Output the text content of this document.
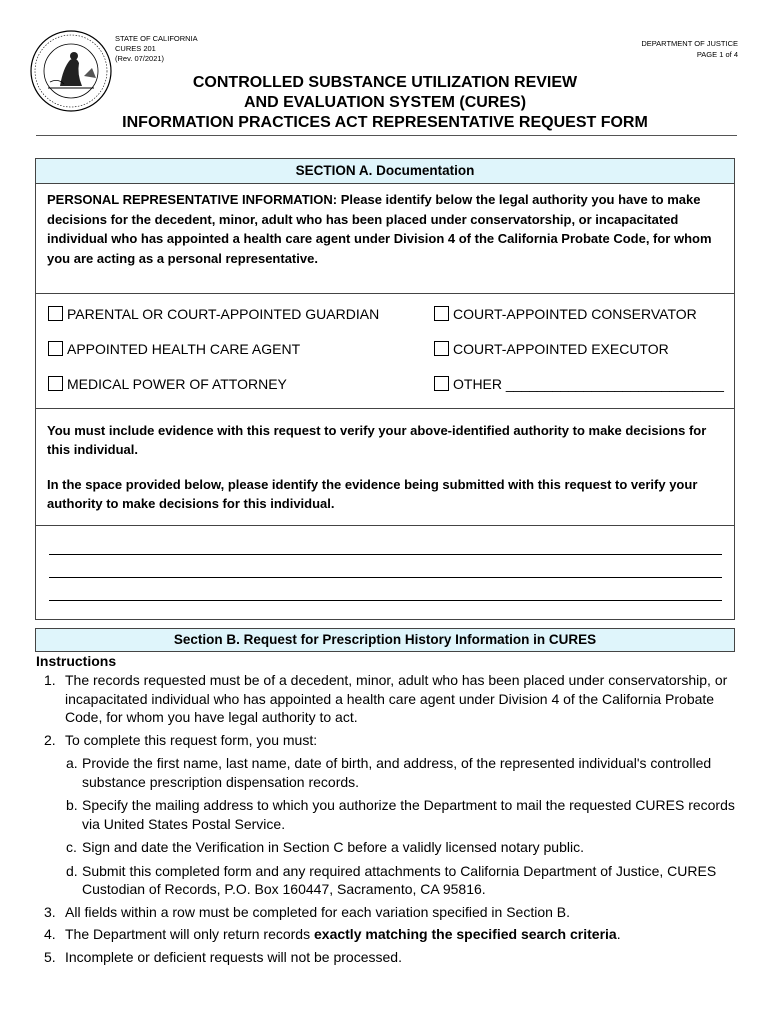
STATE OF CALIFORNIA
CURES 201
(Rev. 07/2021)
DEPARTMENT OF JUSTICE
PAGE 1 of 4
CONTROLLED SUBSTANCE UTILIZATION REVIEW
AND EVALUATION SYSTEM (CURES)
INFORMATION PRACTICES ACT REPRESENTATIVE REQUEST FORM
SECTION A. Documentation
PERSONAL REPRESENTATIVE INFORMATION: Please identify below the legal authority you have to make decisions for the decedent, minor, adult who has been placed under conservatorship, or incapacitated individual who has appointed a health care agent under Division 4 of the California Probate Code, for whom you are acting as a personal representative.
PARENTAL OR COURT-APPOINTED GUARDIAN	COURT-APPOINTED CONSERVATOR
APPOINTED HEALTH CARE AGENT	COURT-APPOINTED EXECUTOR
MEDICAL POWER OF ATTORNEY	OTHER ____________________________
You must include evidence with this request to verify your above-identified authority to make decisions for this individual.
In the space provided below, please identify the evidence being submitted with this request to verify your authority to make decisions for this individual.
Section B. Request for Prescription History Information in CURES
Instructions
1. The records requested must be of a decedent, minor, adult who has been placed under conservatorship, or incapacitated individual who has appointed a health care agent under Division 4 of the California Probate Code, for whom you have legal authority to act.
2. To complete this request form, you must:
a. Provide the first name, last name, date of birth, and address, of the represented individual's controlled substance prescription dispensation records.
b. Specify the mailing address to which you authorize the Department to mail the requested CURES records via United States Postal Service.
c. Sign and date the Verification in Section C before a validly licensed notary public.
d. Submit this completed form and any required attachments to California Department of Justice, CURES Custodian of Records, P.O. Box 160447, Sacramento, CA 95816.
3. All fields within a row must be completed for each variation specified in Section B.
4. The Department will only return records exactly matching the specified search criteria.
5. Incomplete or deficient requests will not be processed.
